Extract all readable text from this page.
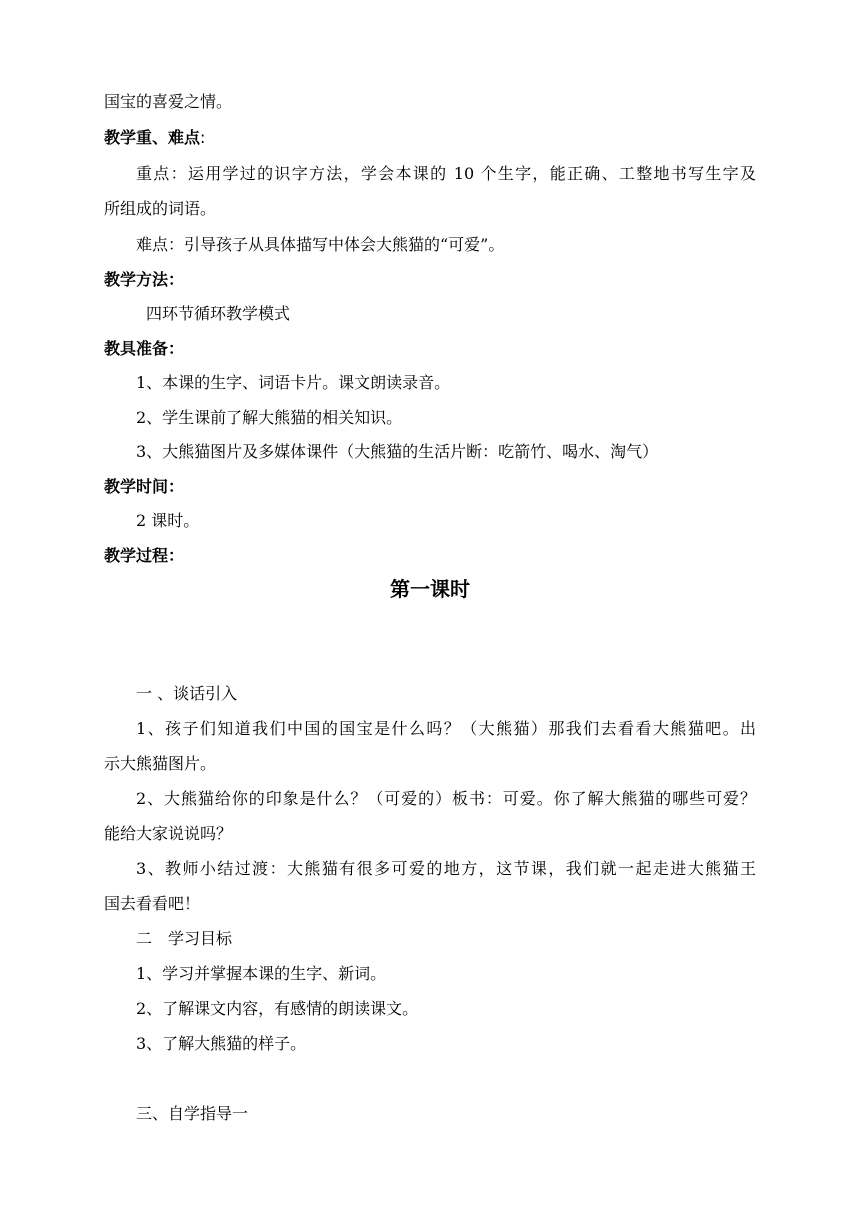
国宝的喜爱之情。
教学重、难点:
重点：运用学过的识字方法，学会本课的 10 个生字，能正确、工整地书写生字及
所组成的词语。
难点：引导孩子从具体描写中体会大熊猫的“可爱”。
教学方法：
四环节循环教学模式
教具准备：
1、本课的生字、词语卡片。课文朗读录音。
2、学生课前了解大熊猫的相关知识。
3、大熊猫图片及多媒体课件（大熊猫的生活片断：吃箭竹、喝水、淘气）
教学时间：
2 课时。
教学过程：
第一课时
一 、谈话引入
1、孩子们知道我们中国的国宝是什么吗？（大熊猫）那我们去看看大熊猫吧。出
示大熊猫图片。
2、大熊猫给你的印象是什么？（可爱的）板书：可爱。你了解大熊猫的哪些可爱？
能给大家说说吗？
3、教师小结过渡：大熊猫有很多可爱的地方，这节课，我们就一起走进大熊猫王
国去看看吧！
二　学习目标
1、学习并掌握本课的生字、新词。
2、了解课文内容，有感情的朗读课文。
3、了解大熊猫的样子。
三、自学指导一
